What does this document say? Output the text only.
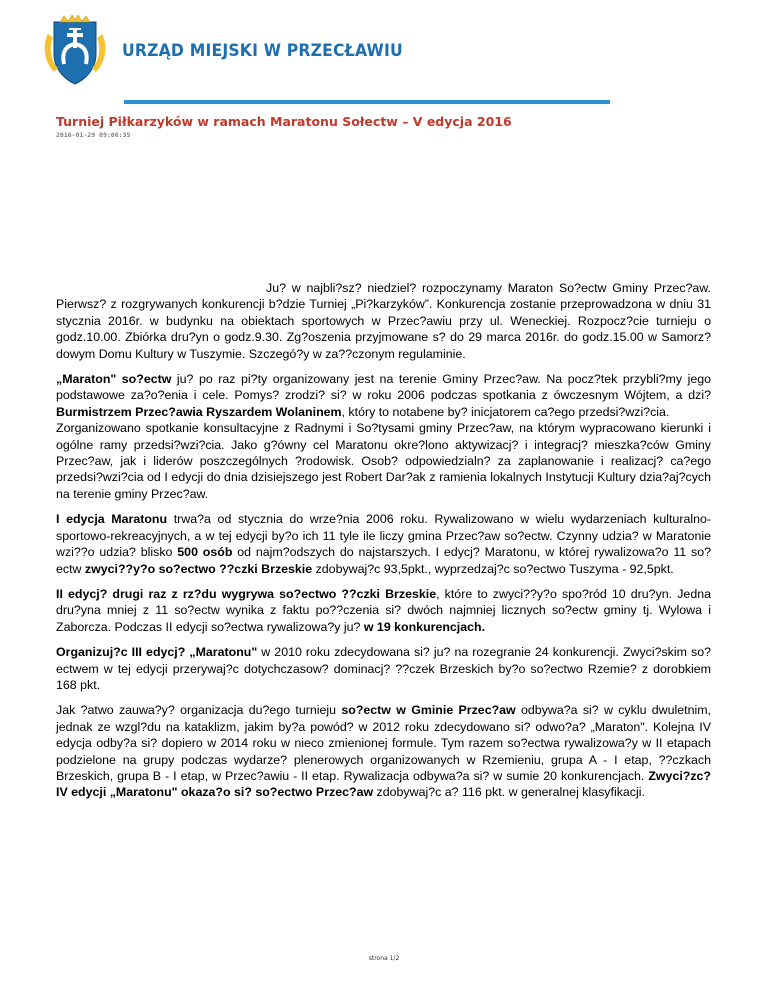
URZĄD MIEJSKI W PRZECŁAWIU
Turniej Piłkarzyków w ramach Maratonu Sołectw – V edycja 2016
2016-01-29 09:06:35

Ju? w najbli?sz? niedziel? rozpoczynamy Maraton So?ectw Gminy Przec?aw. Pierwsz? z rozgrywanych konkurencji b?dzie Turniej „Pi?karzyków”. Konkurencja zostanie przeprowadzona w dniu 31 stycznia 2016r. w budynku na obiektach sportowych w Przec?awiu przy ul. Weneckiej. Rozpocz?cie turnieju o godz.10.00. Zbiórka dru?yn o godz.9.30. Zg?oszenia przyjmowane s? do 29 marca 2016r. do godz.15.00 w Samorz?dowym Domu Kultury w Tuszymie. Szczegó?y w za??czonym regulaminie.

„Maraton" so?ectw ju? po raz pi?ty organizowany jest na terenie Gminy Przec?aw. Na pocz?tek przybli?my jego podstawowe za?o?enia i cele. Pomys? zrodzi? si? w roku 2006 podczas spotkania z ówczesnym Wójtem, a dzi? Burmistrzem Przec?awia Ryszardem Wolaninem, który to notabene by? inicjatorem ca?ego przedsi?wzi?cia.
Zorganizowano spotkanie konsultacyjne z Radnymi i So?tysami gminy Przec?aw, na którym wypracowano kierunki i ogólne ramy przedsi?wzi?cia. Jako g?ówny cel Maratonu okre?lono aktywizacj? i integracj? mieszka?ców Gminy Przec?aw, jak i liderów poszczególnych ?rodowisk. Osob? odpowiedzialn? za zaplanowanie i realizacj? ca?ego przedsi?wzi?cia od I edycji do dnia dzisiejszego jest Robert Dar?ak z ramienia lokalnych Instytucji Kultury dzia?aj?cych na terenie gminy Przec?aw.

I edycja Maratonu trwa?a od stycznia do wrze?nia 2006 roku. Rywalizowano w wielu wydarzeniach kulturalno-sportowo-rekreacyjnych, a w tej edycji by?o ich 11 tyle ile liczy gmina Przec?aw so?ectw. Czynny udzia? w Maratonie wzi??o udzia? blisko 500 osób od najm?odszych do najstarszych. I edycj? Maratonu, w której rywalizowa?o 11 so?ectw zwyci??y?o so?ectwo ??czki Brzeskie zdobywaj?c 93,5pkt., wyprzedzaj?c so?ectwo Tuszyma - 92,5pkt.

II edycj? drugi raz z rz?du wygrywa so?ectwo ??czki Brzeskie, które to zwyci??y?o spo?ród 10 dru?yn. Jedna dru?yna mniej z 11 so?ectw wynika z faktu po??czenia si? dwóch najmniej licznych so?ectw gminy tj. Wylowa i Zaborcza. Podczas II edycji so?ectwa rywalizowa?y ju? w 19 konkurencjach.

Organizuj?c III edycj? „Maratonu" w 2010 roku zdecydowana si? ju? na rozegranie 24 konkurencji. Zwyci?skim so?ectwem w tej edycji przerywaj?c dotychczasow? dominacj? ??czek Brzeskich by?o so?ectwo Rzemie? z dorobkiem 168 pkt.

Jak ?atwo zauwa?y? organizacja du?ego turnieju so?ectw w Gminie Przec?aw odbywa?a si? w cyklu dwuletnim, jednak ze wzgl?du na kataklizm, jakim by?a powód? w 2012 roku zdecydowano si? odwo?a? „Maraton". Kolejna IV edycja odby?a si? dopiero w 2014 roku w nieco zmienionej formule. Tym razem so?ectwa rywalizowa?y w II etapach podzielone na grupy podczas wydarze? plenerowych organizowanych w Rzemieniu, grupa A - I etap, ??czkach Brzeskich, grupa B - I etap, w Przec?awiu - II etap. Rywalizacja odbywa?a si? w sumie 20 konkurencjach. Zwyci?zc? IV edycji „Maratonu" okaza?o si? so?ectwo Przec?aw zdobywaj?c a? 116 pkt. w generalnej klasyfikacji.

strona 1/2
